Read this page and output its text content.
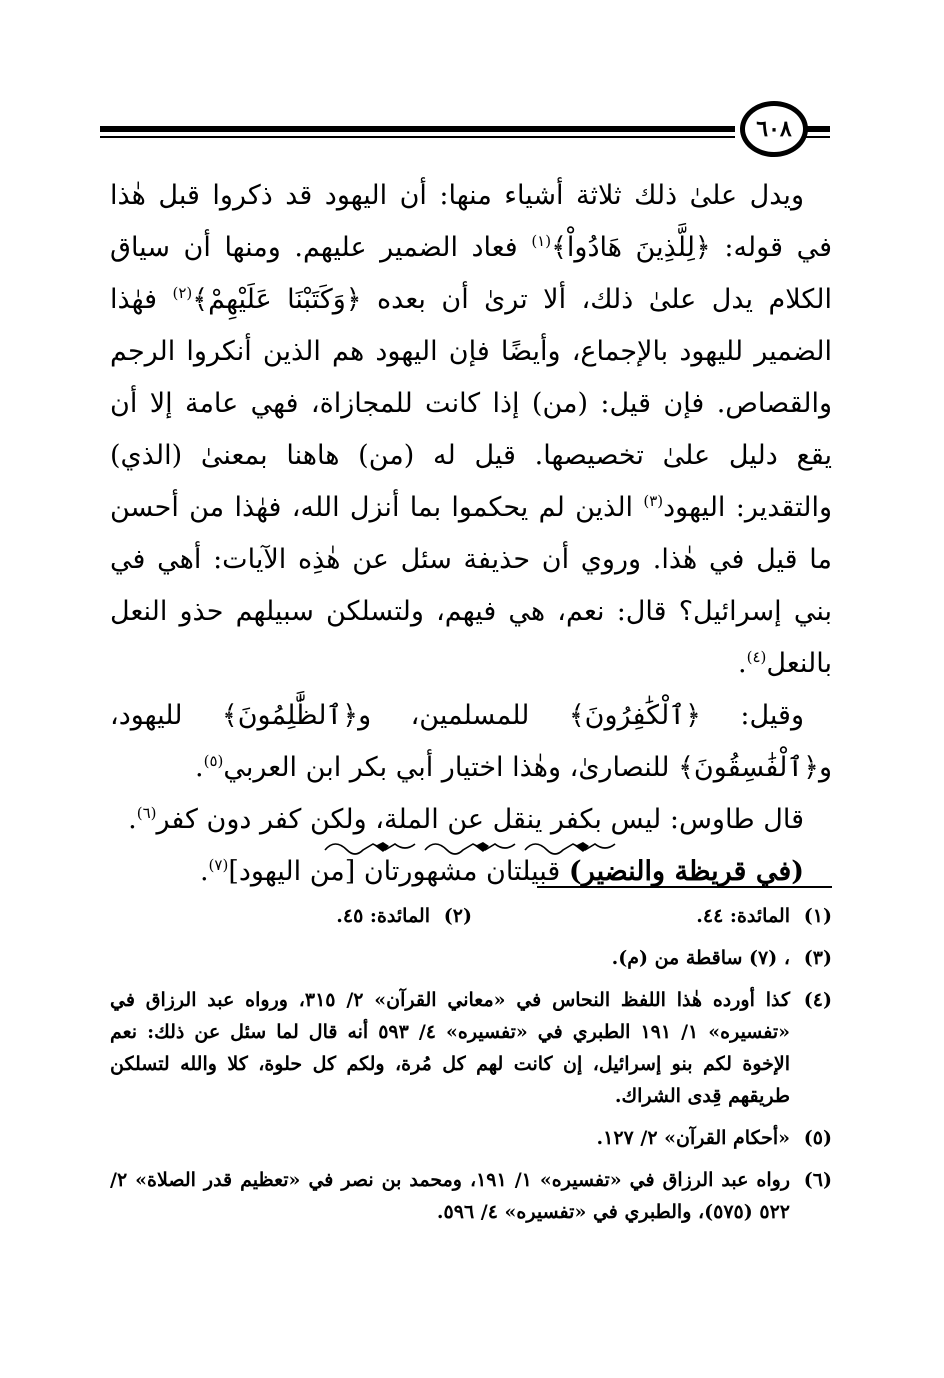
٦٠٨

ويدل علىٰ ذلك ثلاثة أشياء منها: أن اليهود قد ذكروا قبل هٰذا في قوله: ﴿لِلَّذِينَ هَادُواْ﴾$^{(١)}$ فعاد الضمير عليهم. ومنها أن سياق الكلام يدل علىٰ ذلك، ألا ترىٰ أن بعده ﴿وَكَتَبْنَا عَلَيْهِمْ﴾$^{(٢)}$ فهٰذا الضمير لليهود بالإجماع، وأيضًا فإن اليهود هم الذين أنكروا الرجم والقصاص. فإن قيل: (من) إذا كانت للمجازاة، فهي عامة إلا أن يقع دليل علىٰ تخصيصها. قيل له (من) هاهنا بمعنىٰ (الذي) والتقدير: اليهود$^{(٣)}$ الذين لم يحكموا بما أنزل الله، فهٰذا من أحسن ما قيل في هٰذا. وروي أن حذيفة سئل عن هٰذِه الآيات: أهي في بني إسرائيل؟ قال: نعم، هي فيهم، ولتسلكن سبيلهم حذو النعل بالنعل$^{(٤)}$.

وقيل: ﴿ٱلْكَٰفِرُونَ﴾ للمسلمين، و﴿ٱلظَّٰلِمُونَ﴾ لليهود، و﴿ٱلْفَٰسِقُونَ﴾ للنصارىٰ، وهٰذا اختيار أبي بكر ابن العربي$^{(٥)}$.

قال طاوس: ليس بكفر ينقل عن الملة، ولكن كفر دون كفر$^{(٦)}$.

(في قريظة والنضير) قبيلتان مشهورتان [من اليهود]$^{(٧)}$.

(١)
المائدة: ٤٤.
(٢)
المائدة: ٤٥.
(٣)
، (٧) ساقطة من (م).
(٤)
كذا أورده هٰذا اللفظ النحاس في «معاني القرآن» ٢/ ٣١٥، ورواه عبد الرزاق في «تفسيره» ١/ ١٩١ الطبري في «تفسيره» ٤/ ٥٩٣ أنه قال لما سئل عن ذلك: نعم الإخوة لكم بنو إسرائيل، إن كانت لهم كل مُرة، ولكم كل حلوة، كلا والله لتسلكن طريقهم قِدى الشراك.
(٥)
«أحكام القرآن» ٢/ ١٢٧.
(٦)
رواه عبد الرزاق في «تفسيره» ١/ ١٩١، ومحمد بن نصر في «تعظيم قدر الصلاة» ٢/ ٥٢٢ (٥٧٥)، والطبري في «تفسيره» ٤/ ٥٩٦.
